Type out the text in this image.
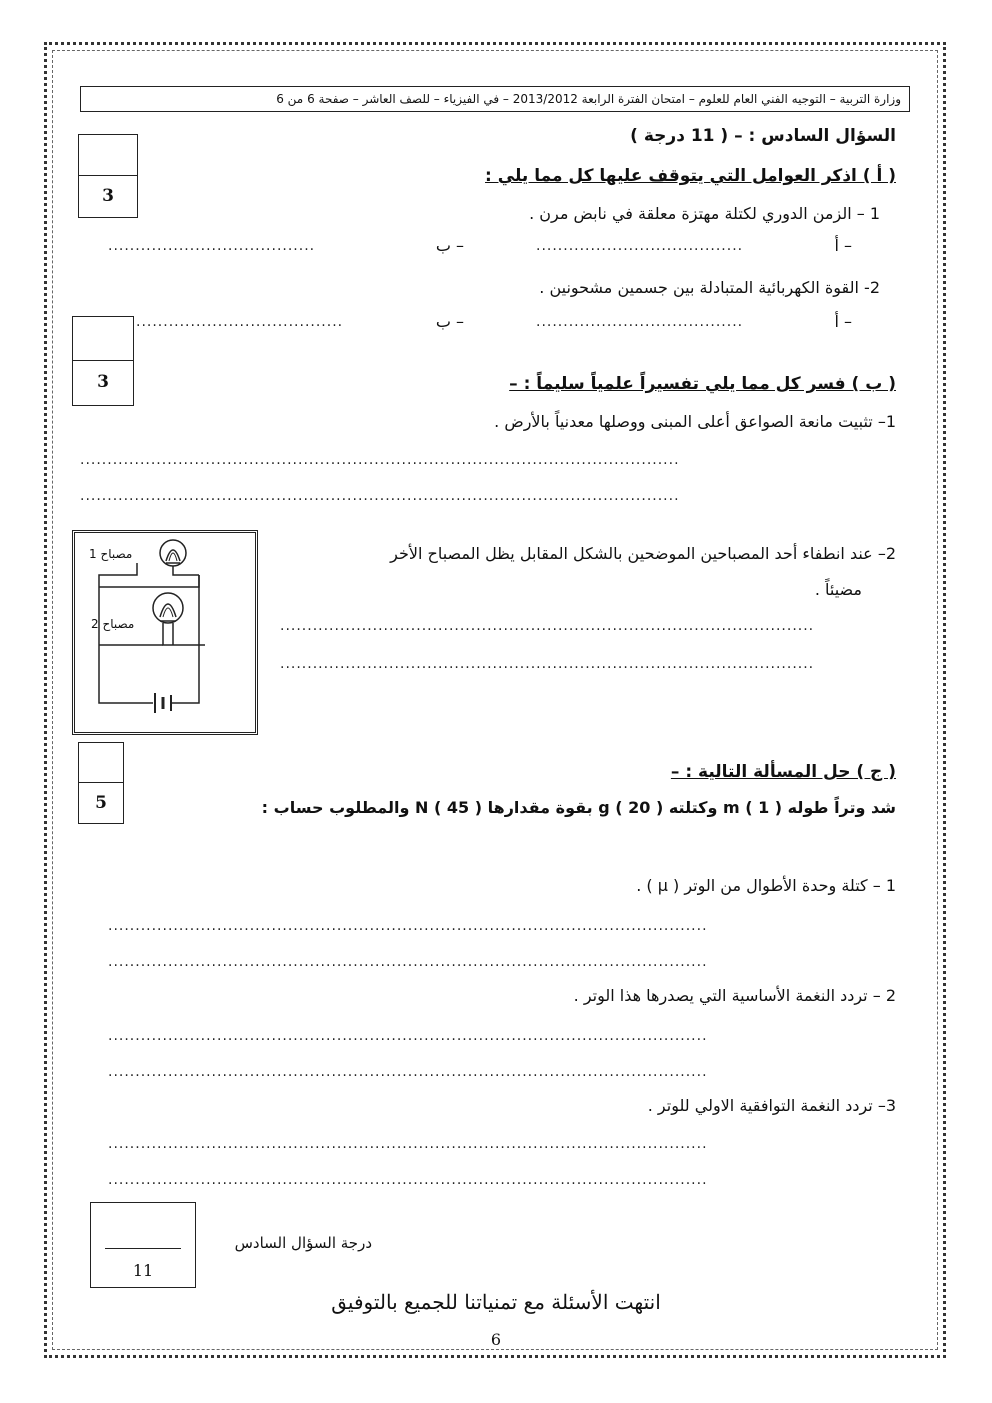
وزارة التربية – التوجيه الفني العام للعلوم – امتحان الفترة الرابعة 2013/2012 – في الفيزياء – للصف العاشر – صفحة 6 من 6
السؤال السادس : – ( 11 درجة )
3
( أ ) اذكر العوامل التي يتوقف عليها كل مما يلي :
1 – الزمن الدوري لكتلة مهتزة معلقة في نابض مرن .
– أ
......................................
– ب
......................................
2- القوة الكهربائية المتبادلة بين جسمين مشحونين .
– أ
......................................
– ب
......................................
3	( ب ) فسر كل مما يلي تفسيراً علمياً سليماً : –
1– تثبيت مانعة الصواعق أعلى المبنى ووصلها معدنياً بالأرض .
..............................................................................................................
..............................................................................................................
مصباح 1
مصباح 2
2– عند انطفاء أحد المصباحين الموضحين بالشكل المقابل يظل المصباح الأخر
مضيئاً .
..................................................................................................
..................................................................................................
5
( ج ) حل المسألة التالية : –
شد وتراً طوله m ( 1 ) وكتلته g ( 20 ) بقوة مقدارها N ( 45 ) والمطلوب حساب :
1 – كتلة وحدة الأطوال من الوتر ( μ ) .
..............................................................................................................
..............................................................................................................
2 – تردد النغمة الأساسية التي يصدرها هذا الوتر .
..............................................................................................................
..............................................................................................................
3– تردد النغمة التوافقية الاولي للوتر .
..............................................................................................................
..............................................................................................................
11
درجة السؤال السادس
انتهت الأسئلة مع تمنياتنا للجميع بالتوفيق
6
